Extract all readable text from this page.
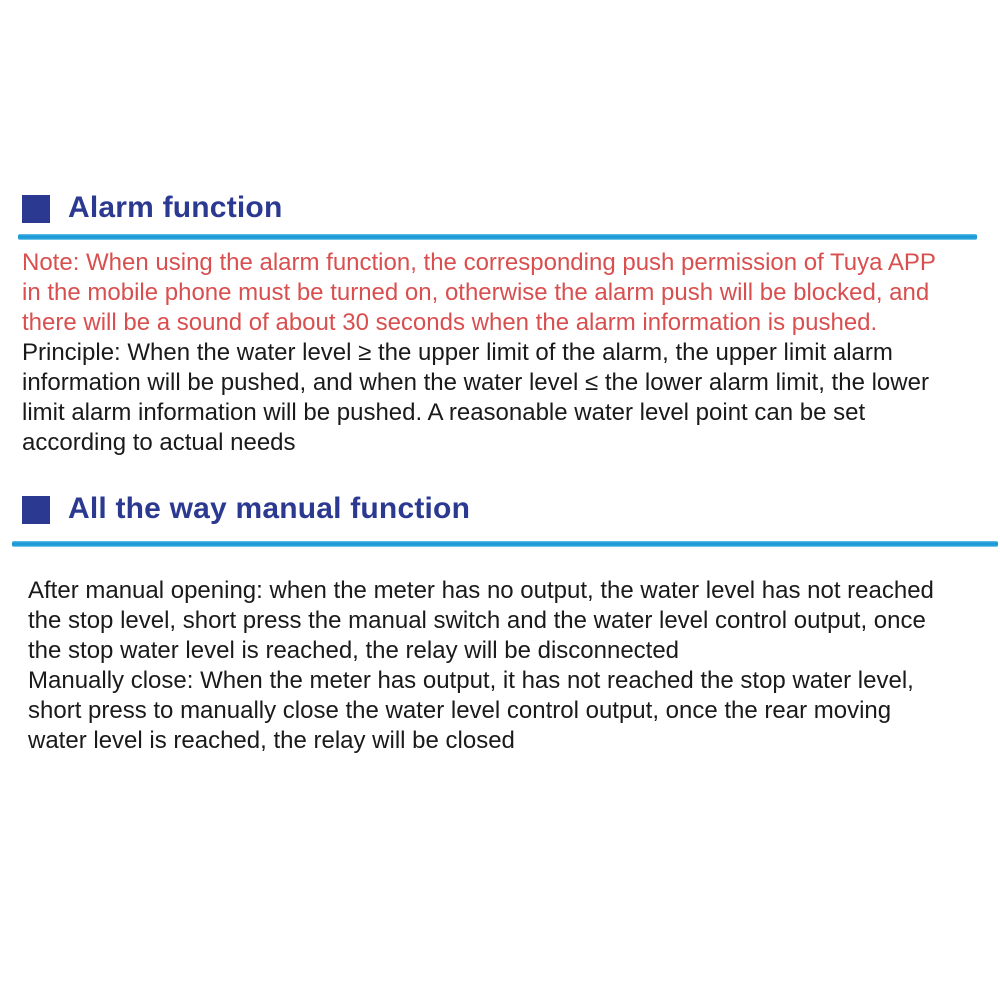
Alarm function
Note: When using the alarm function, the corresponding push permission of Tuya APP
in the mobile phone must be turned on, otherwise the alarm push will be blocked, and
there will be a sound of about 30 seconds when the alarm information is pushed.
Principle: When the water level ≥ the upper limit of the alarm, the upper limit alarm
information will be pushed, and when the water level ≤ the lower alarm limit, the lower
limit alarm information will be pushed. A reasonable water level point can be set
according to actual needs
All the way manual function
After manual opening: when the meter has no output, the water level has not reached
the stop level, short press the manual switch and the water level control output, once
the stop water level is reached, the relay will be disconnected
Manually close: When the meter has output, it has not reached the stop water level,
short press to manually close the water level control output, once the rear moving
water level is reached, the relay will be closed
